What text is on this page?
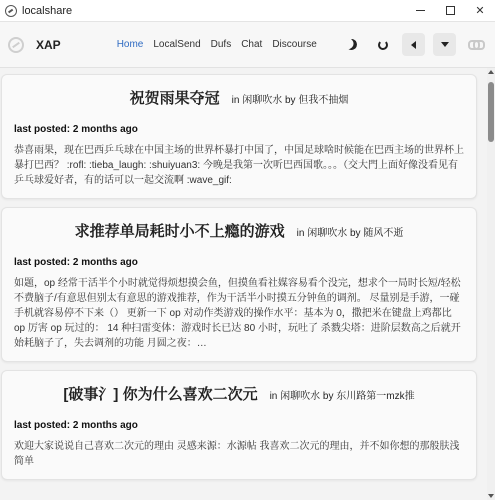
localshare	✕
XAP	Home LocalSend Dufs Chat Discourse
祝贺雨果夺冠 in 闲聊吹水 by 但我不抽烟
last posted: 2 months ago
恭喜雨果，现在巴西乒乓球在中国主场的世界杯暴打中国了，中国足球啥时候能在巴西主场的世界杯上暴打巴西？ :rofl: :tieba_laugh: :shuiyuan3: 今晚是我第一次听巴西国歌。。。（交大門上面好像没看见有乒乓球爱好者，有的话可以一起交流啊 :wave_gif:
求推荐单局耗时小不上瘾的游戏 in 闲聊吹水 by 随风不逝
last posted: 2 months ago
如题，op 经常干活半个小时就觉得烦想摸会鱼，但摸鱼看社媒容易看个没完，想求个一局时长短/轻松不费脑子/有意思但别太有意思的游戏推荐，作为干活半小时摸五分钟鱼的调剂。 尽量别是手游，一碰手机就容易停不下来（） 更新一下 op 对动作类游戏的操作水平：基本为 0，撒把米在键盘上鸡都比 op 厉害 op 玩过的： 14 种扫雷变体：游戏时长已达 80 小时，玩吐了 杀戮尖塔：进阶层数高之后就开始耗脑子了，失去调剂的功能 月圆之夜：…
[破事氵] 你为什么喜欢二次元 in 闲聊吹水 by 东川路第一mzk推
last posted: 2 months ago
欢迎大家说说自己喜欢二次元的理由 灵感来源：水源帖 我喜欢二次元的理由，并不如你想的那般肤浅 简单
